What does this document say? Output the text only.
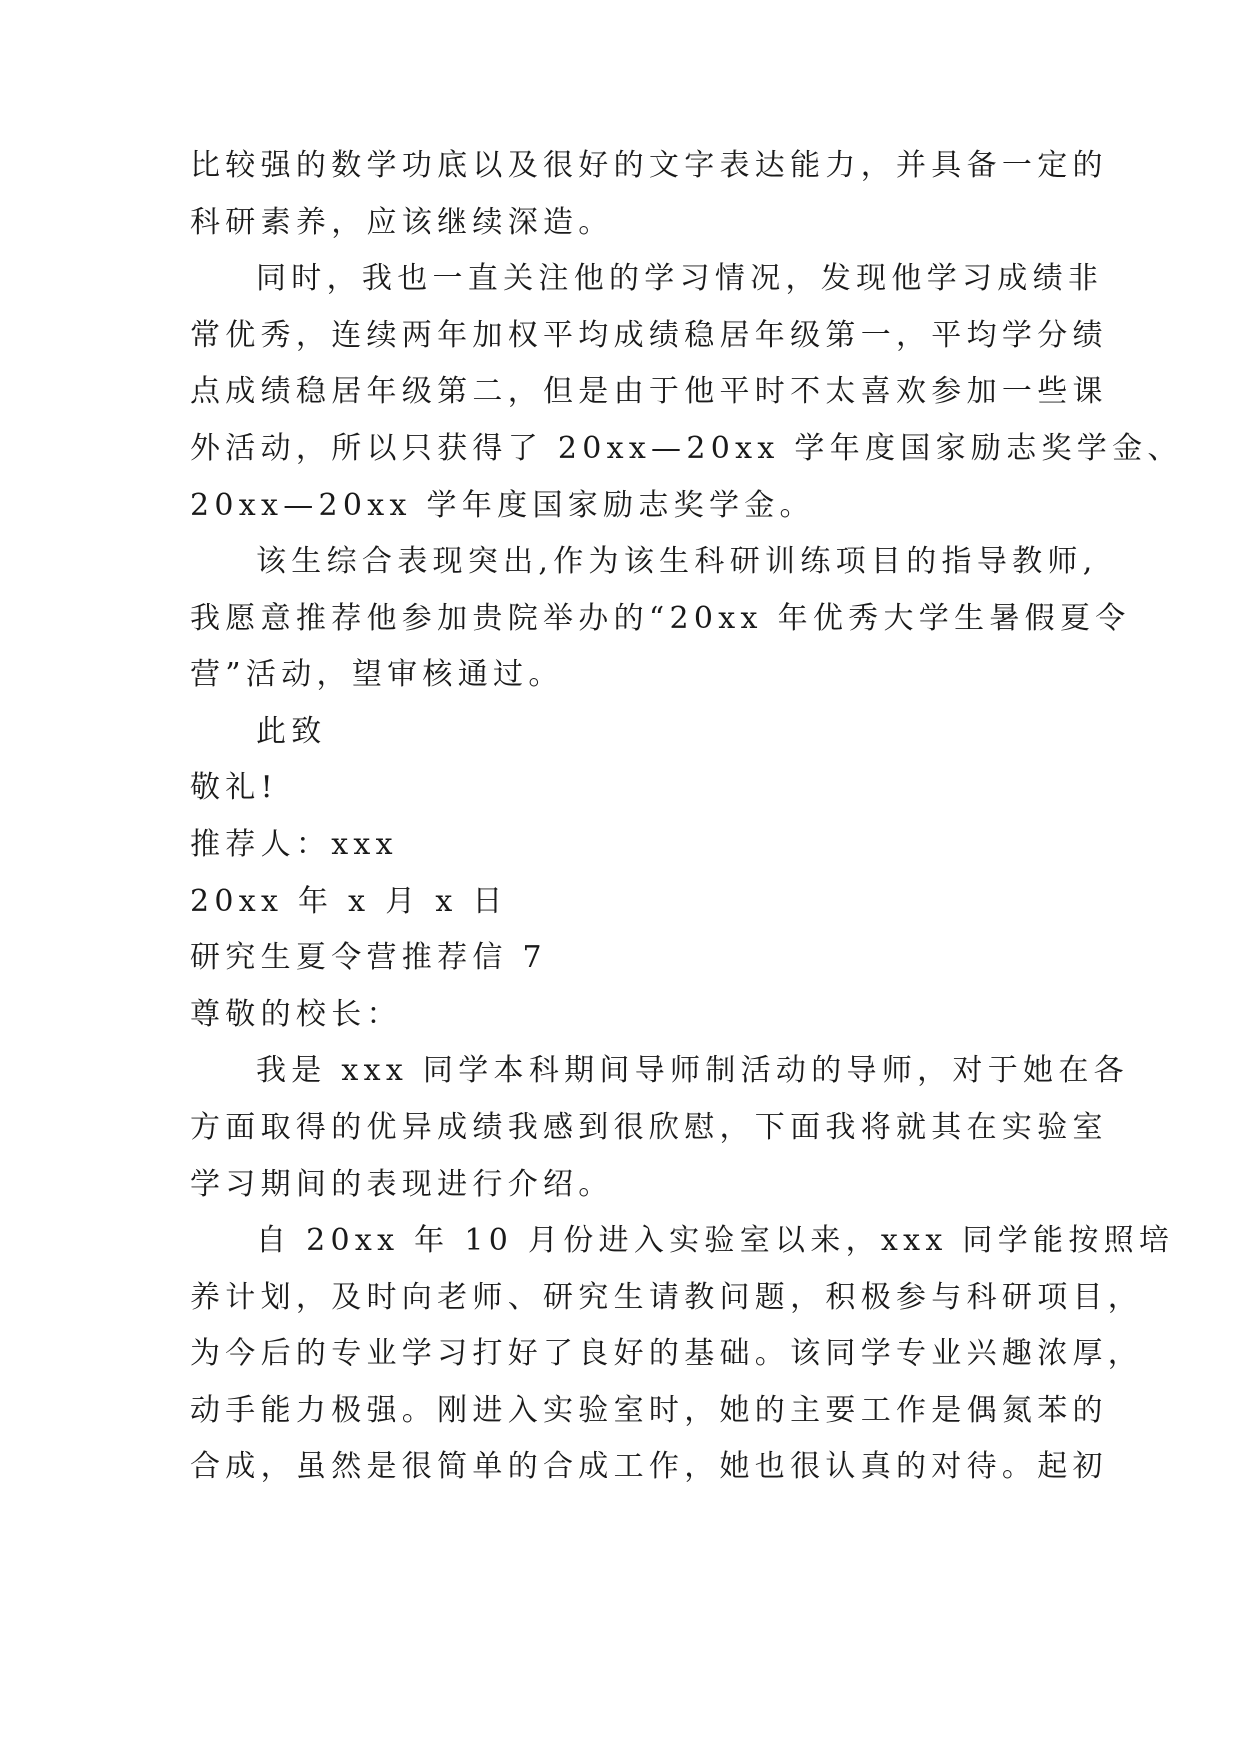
比较强的数学功底以及很好的文字表达能力，并具备一定的
科研素养，应该继续深造。
同时，我也一直关注他的学习情况，发现他学习成绩非
常优秀，连续两年加权平均成绩稳居年级第一，平均学分绩
点成绩稳居年级第二，但是由于他平时不太喜欢参加一些课
外活动，所以只获得了 20xx—20xx 学年度国家励志奖学金、
20xx—20xx 学年度国家励志奖学金。
该生综合表现突出,作为该生科研训练项目的指导教师,
我愿意推荐他参加贵院举办的“20xx 年优秀大学生暑假夏令
营”活动，望审核通过。
此致
敬礼!
推荐人：xxx
20xx 年 x 月 x 日
研究生夏令营推荐信 7
尊敬的校长：
我是 xxx 同学本科期间导师制活动的导师，对于她在各
方面取得的优异成绩我感到很欣慰，下面我将就其在实验室
学习期间的表现进行介绍。
自 20xx 年 10 月份进入实验室以来，xxx 同学能按照培
养计划，及时向老师、研究生请教问题，积极参与科研项目，
为今后的专业学习打好了良好的基础。该同学专业兴趣浓厚，
动手能力极强。刚进入实验室时，她的主要工作是偶氮苯的
合成，虽然是很简单的合成工作，她也很认真的对待。起初
